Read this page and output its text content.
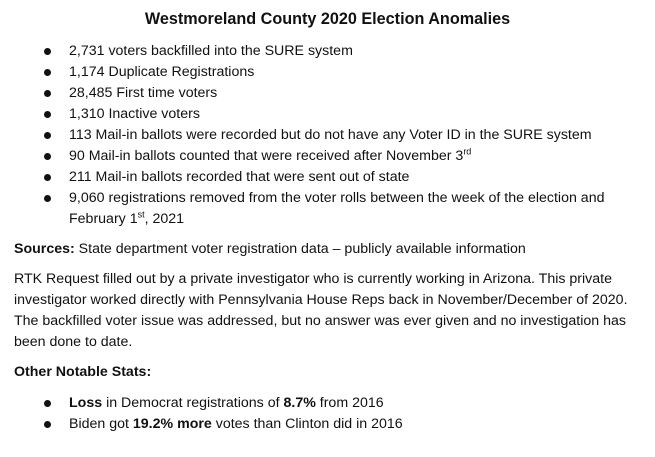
Westmoreland County 2020 Election Anomalies
2,731 voters backfilled into the SURE system
1,174 Duplicate Registrations
28,485 First time voters
1,310 Inactive voters
113 Mail-in ballots were recorded but do not have any Voter ID in the SURE system
90 Mail-in ballots counted that were received after November 3rd
211 Mail-in ballots recorded that were sent out of state
9,060 registrations removed from the voter rolls between the week of the election and February 1st, 2021

Sources: State department voter registration data – publicly available information

RTK Request filled out by a private investigator who is currently working in Arizona. This private investigator worked directly with Pennsylvania House Reps back in November/December of 2020. The backfilled voter issue was addressed, but no answer was ever given and no investigation has been done to date.

Other Notable Stats:

Loss in Democrat registrations of 8.7% from 2016
Biden got 19.2% more votes than Clinton did in 2016
